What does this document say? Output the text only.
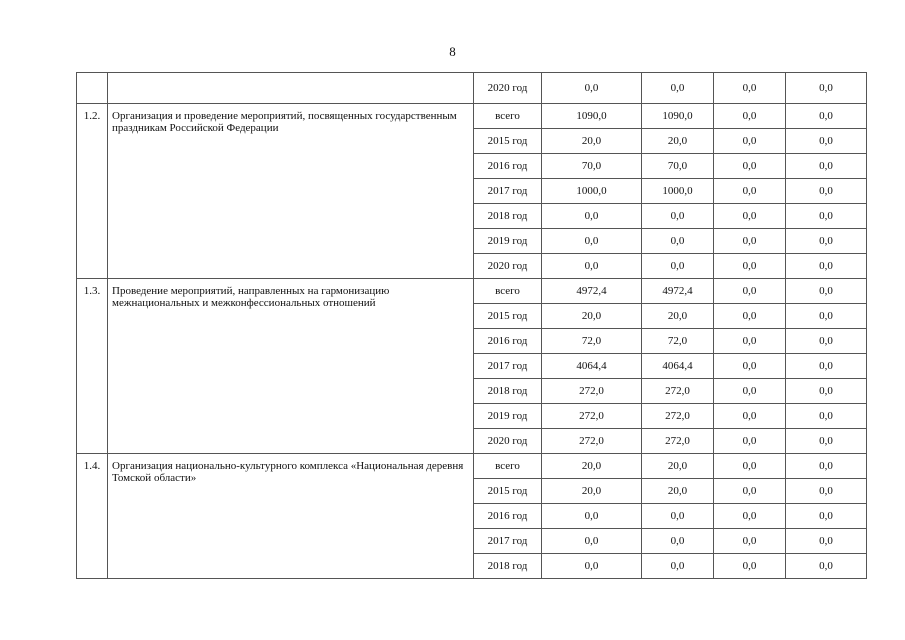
8
		2020 год	0,0	0,0	0,0	0,0
1.2.	Организация и проведение мероприятий, посвященных государственным праздникам Российской Федерации	всего	1090,0	1090,0	0,0	0,0
		2015 год	20,0	20,0	0,0	0,0
		2016 год	70,0	70,0	0,0	0,0
		2017 год	1000,0	1000,0	0,0	0,0
		2018 год	0,0	0,0	0,0	0,0
		2019 год	0,0	0,0	0,0	0,0
		2020 год	0,0	0,0	0,0	0,0
1.3.	Проведение мероприятий, направленных на гармонизацию межнациональных и межконфессиональных отношений	всего	4972,4	4972,4	0,0	0,0
		2015 год	20,0	20,0	0,0	0,0
		2016 год	72,0	72,0	0,0	0,0
		2017 год	4064,4	4064,4	0,0	0,0
		2018 год	272,0	272,0	0,0	0,0
		2019 год	272,0	272,0	0,0	0,0
		2020 год	272,0	272,0	0,0	0,0
1.4.	Организация национально-культурного комплекса «Национальная деревня Томской области»	всего	20,0	20,0	0,0	0,0
		2015 год	20,0	20,0	0,0	0,0
		2016 год	0,0	0,0	0,0	0,0
		2017 год	0,0	0,0	0,0	0,0
		2018 год	0,0	0,0	0,0	0,0
